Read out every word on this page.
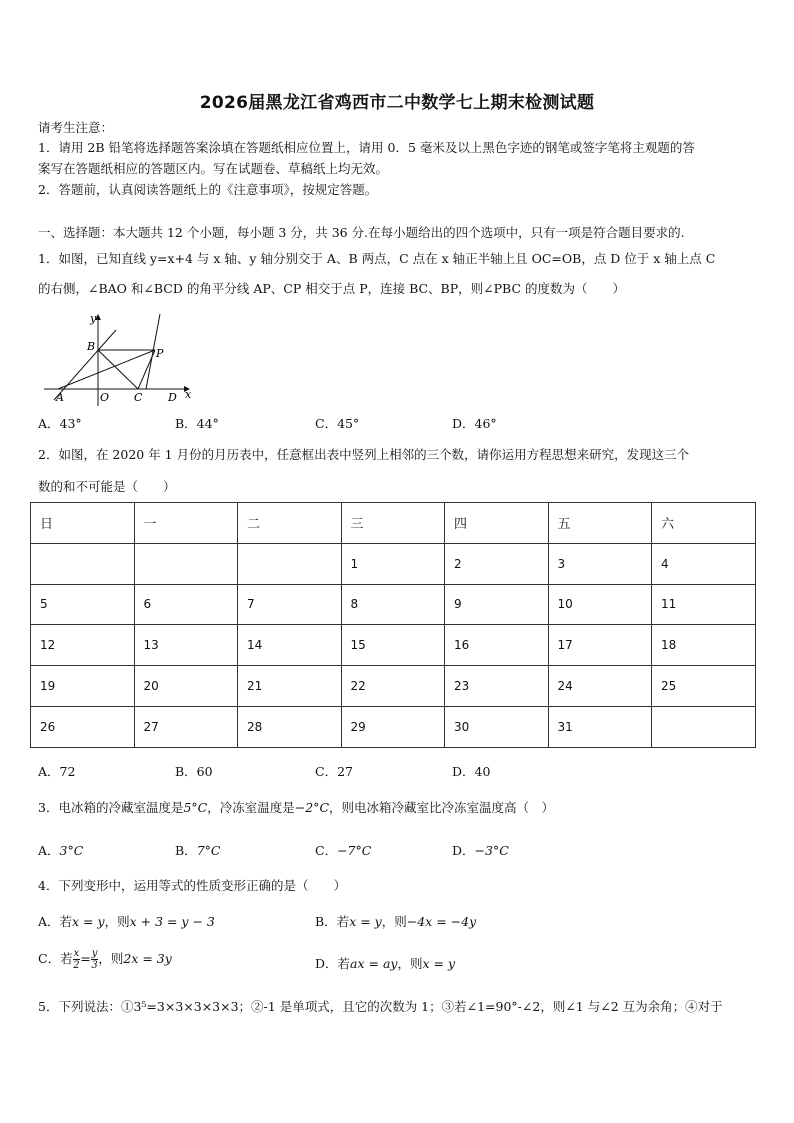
2026届黑龙江省鸡西市二中数学七上期末检测试题
请考生注意：
1．请用 2B 铅笔将选择题答案涂填在答题纸相应位置上，请用 0．5 毫米及以上黑色字迹的钢笔或签字笔将主观题的答
案写在答题纸相应的答题区内。写在试题卷、草稿纸上均无效。
2．答题前，认真阅读答题纸上的《注意事项》，按规定答题。
一、选择题：本大题共 12 个小题，每小题 3 分，共 36 分.在每小题给出的四个选项中，只有一项是符合题目要求的.
1．如图，已知直线 y=x+4 与 x 轴、y 轴分别交于 A、B 两点，C 点在 x 轴正半轴上且 OC=OB，点 D 位于 x 轴上点 C
的右侧，∠BAO 和∠BCD 的角平分线 AP、CP 相交于点 P，连接 BC、BP，则∠PBC 的度数为（　　）
y
x
B
P
A	O C D
A．43°	B．44°	C．45°	D．46°
2．如图，在 2020 年 1 月份的月历表中，任意框出表中竖列上相邻的三个数，请你运用方程思想来研究，发现这三个
数的和不可能是（　　）
日	一	二	三	四	五	六
			1	2	3	4
5	6	7	8	9	10	11
12	13	14	15	16	17	18
19	20	21	22	23	24	25
26	27	28	29	30	31	
A．72	B．60	C．27	D．40
3．电冰箱的冷藏室温度是5°C，冷冻室温度是−2°C，则电冰箱冷藏室比冷冻室温度高（　）
A．3°C	B．7°C	C．−7°C	D．−3°C
4．下列变形中，运用等式的性质变形正确的是（　　）
A．若x = y，则x + 3 = y − 3	B．若x = y，则−4x = −4y
C．若 $\frac{x}{2} = \frac{y}{3}$ ，则2x = 3y	D．若ax = ay，则x = y
5．下列说法：①3⁵=3×3×3×3×3；②-1 是单项式，且它的次数为 1；③若∠1=90°-∠2，则∠1 与∠2 互为余角；④对于
